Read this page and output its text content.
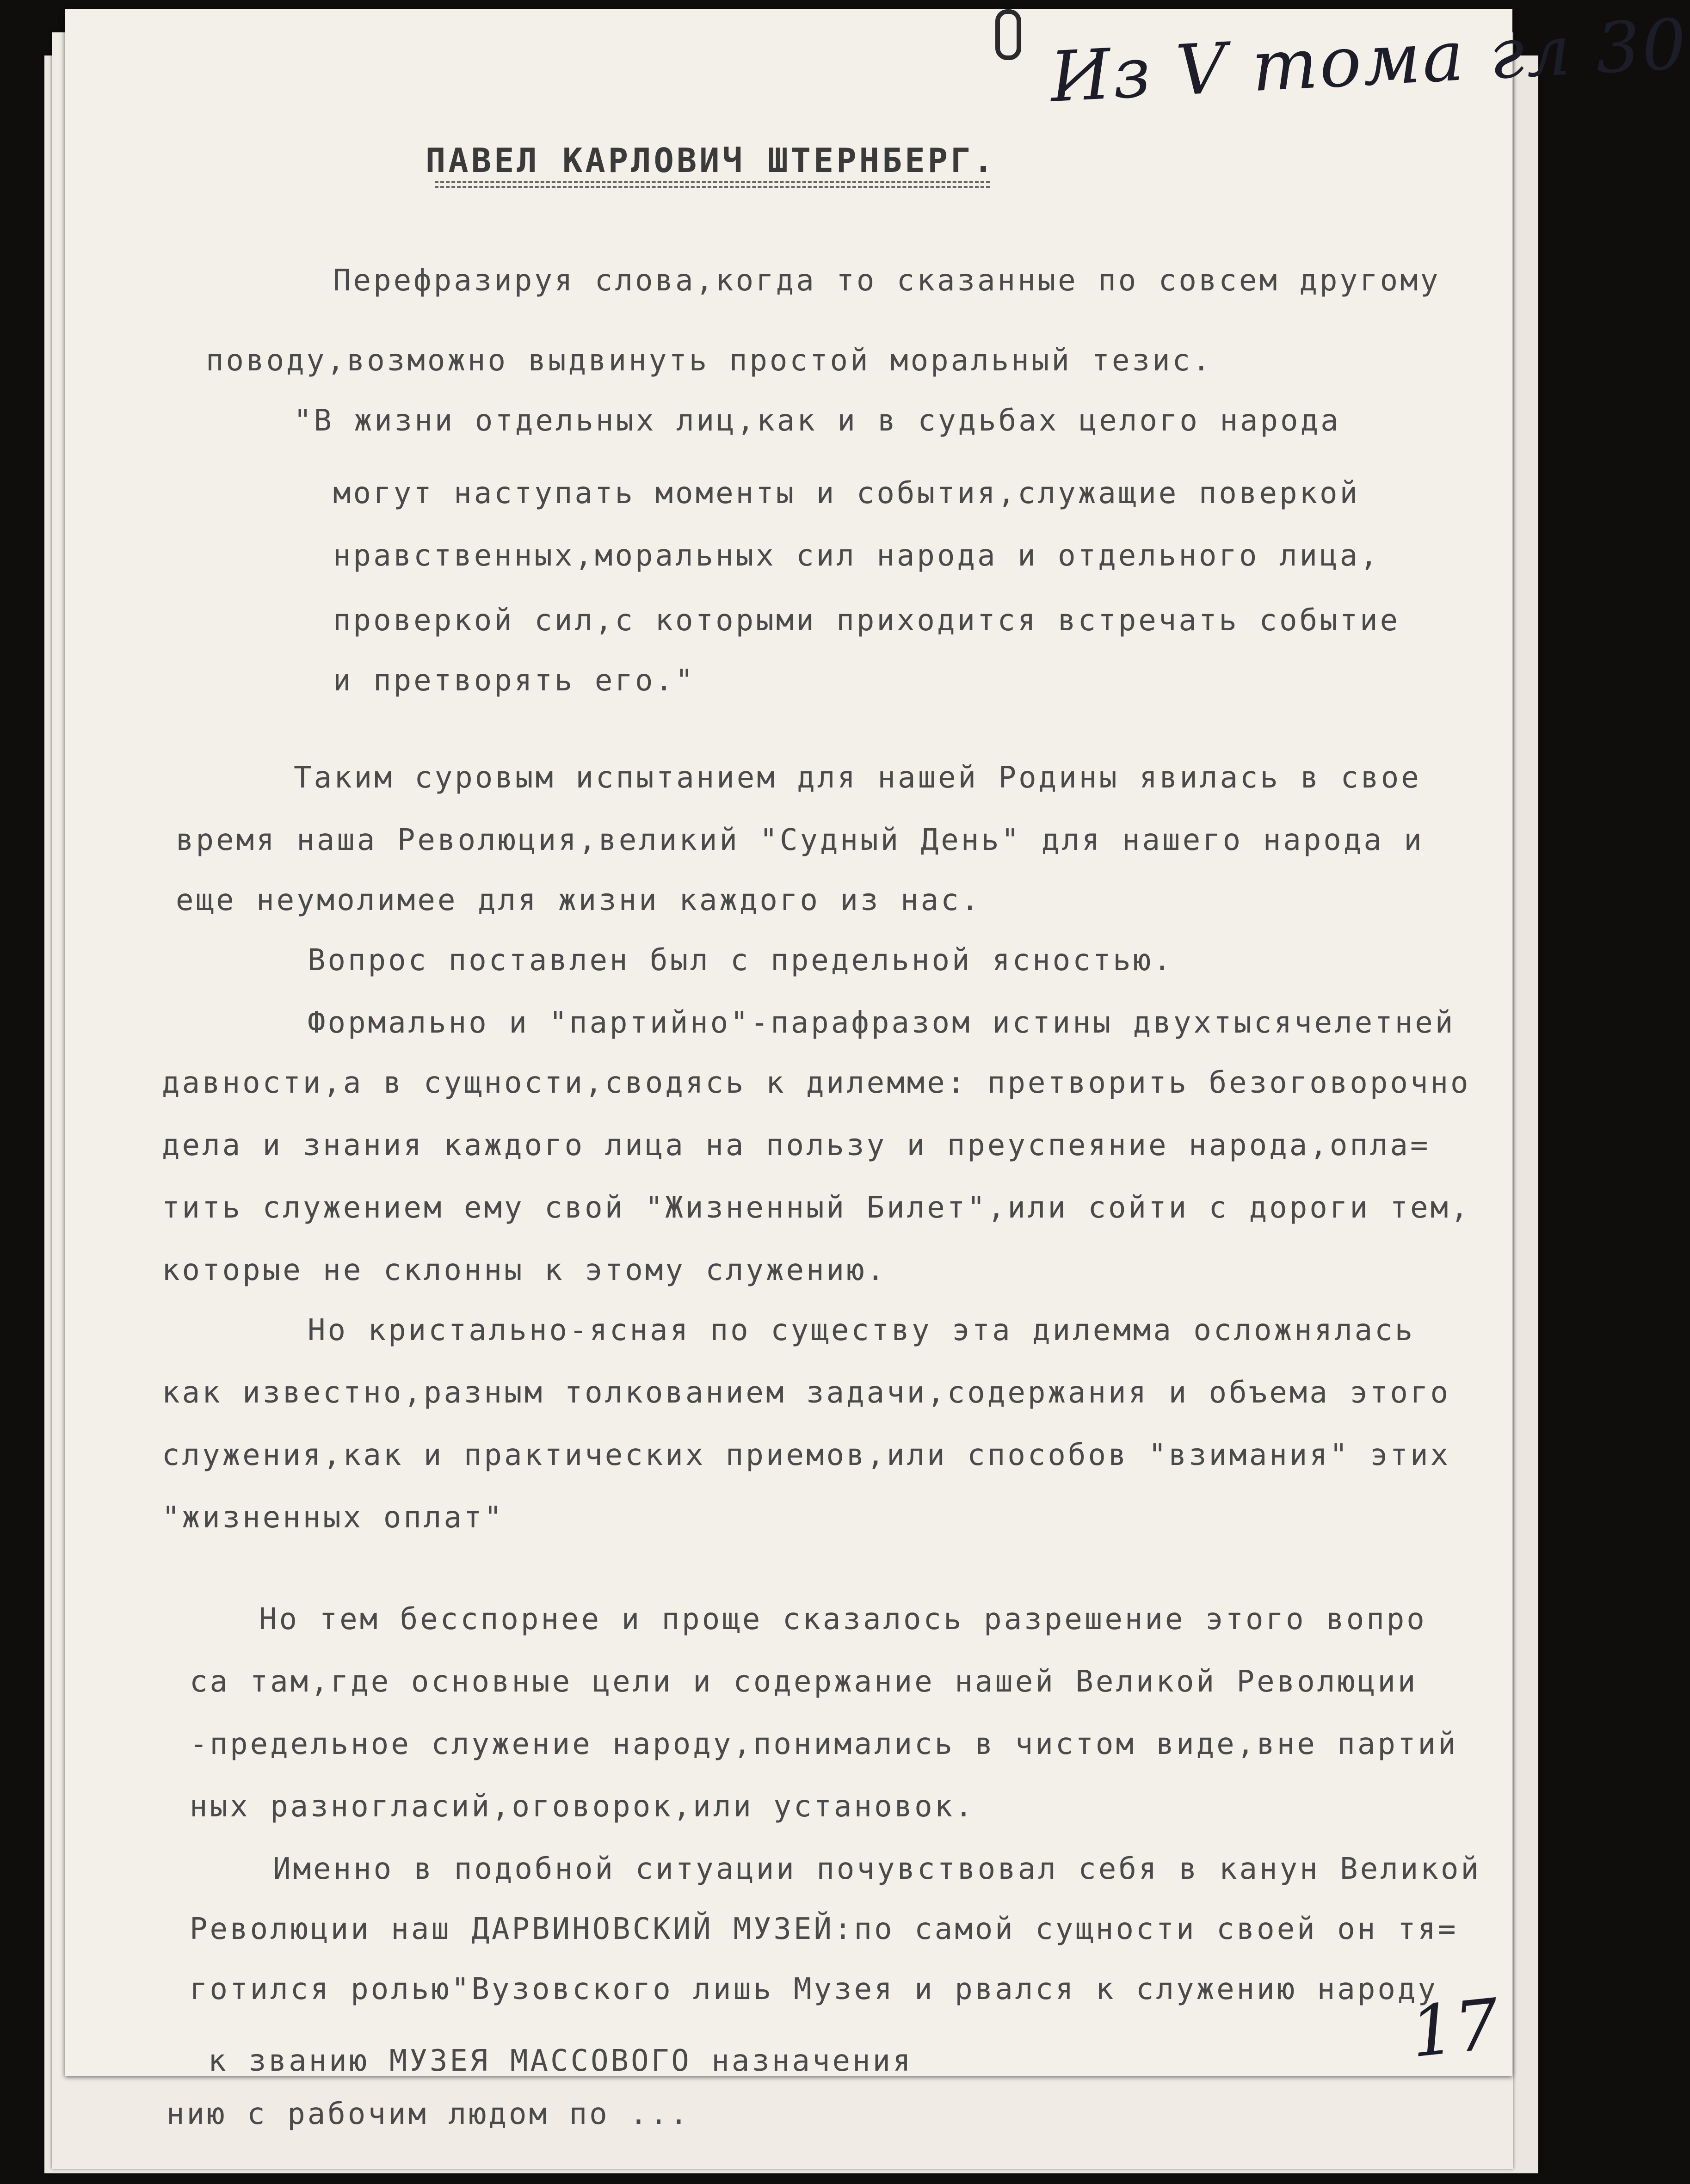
Из V тома гл 30
ПАВЕЛ КАРЛОВИЧ ШТЕРНБЕРГ.
Перефразируя слова,когда то сказанные по совсем другому
поводу,возможно выдвинуть простой моральный тезис.
"В жизни отдельных лиц,как и в судьбах целого народа
могут наступать моменты и события,служащие поверкой
нравственных,моральных сил народа и отдельного лица,
проверкой сил,с которыми приходится встречать событие
и претворять его."
Таким суровым испытанием для нашей Родины явилась в свое
время наша Революция,великий "Судный День" для нашего народа и
еще неумолимее для жизни каждого из нас.
Вопрос поставлен был с предельной ясностью.
Формально и "партийно"-парафразом истины двухтысячелетней
давности,а в сущности,сводясь к дилемме: претворить безоговорочно
дела и знания каждого лица на пользу и преуспеяние народа,опла=
тить служением ему свой "Жизненный Билет",или сойти с дороги тем,
которые не склонны к этому служению.
Но кристально-ясная по существу эта дилемма осложнялась
как известно,разным толкованием задачи,содержания и объема этого
служения,как и практических приемов,или способов "взимания" этих
"жизненных оплат"
Но тем бесспорнее и проще сказалось разрешение этого вопро
са там,где основные цели и содержание нашей Великой Революции
-предельное служение народу,понимались в чистом виде,вне партий
ных разногласий,оговорок,или установок.
Именно в подобной ситуации почувствовал себя в канун Великой
Революции наш ДАРВИНОВСКИЙ МУЗЕЙ:по самой сущности своей он тя=
готился ролью"Вузовского лишь Музея и рвался к служению народу
к званию МУЗЕЯ МАССОВОГО назначения
нию с рабочим людом по ...
17
